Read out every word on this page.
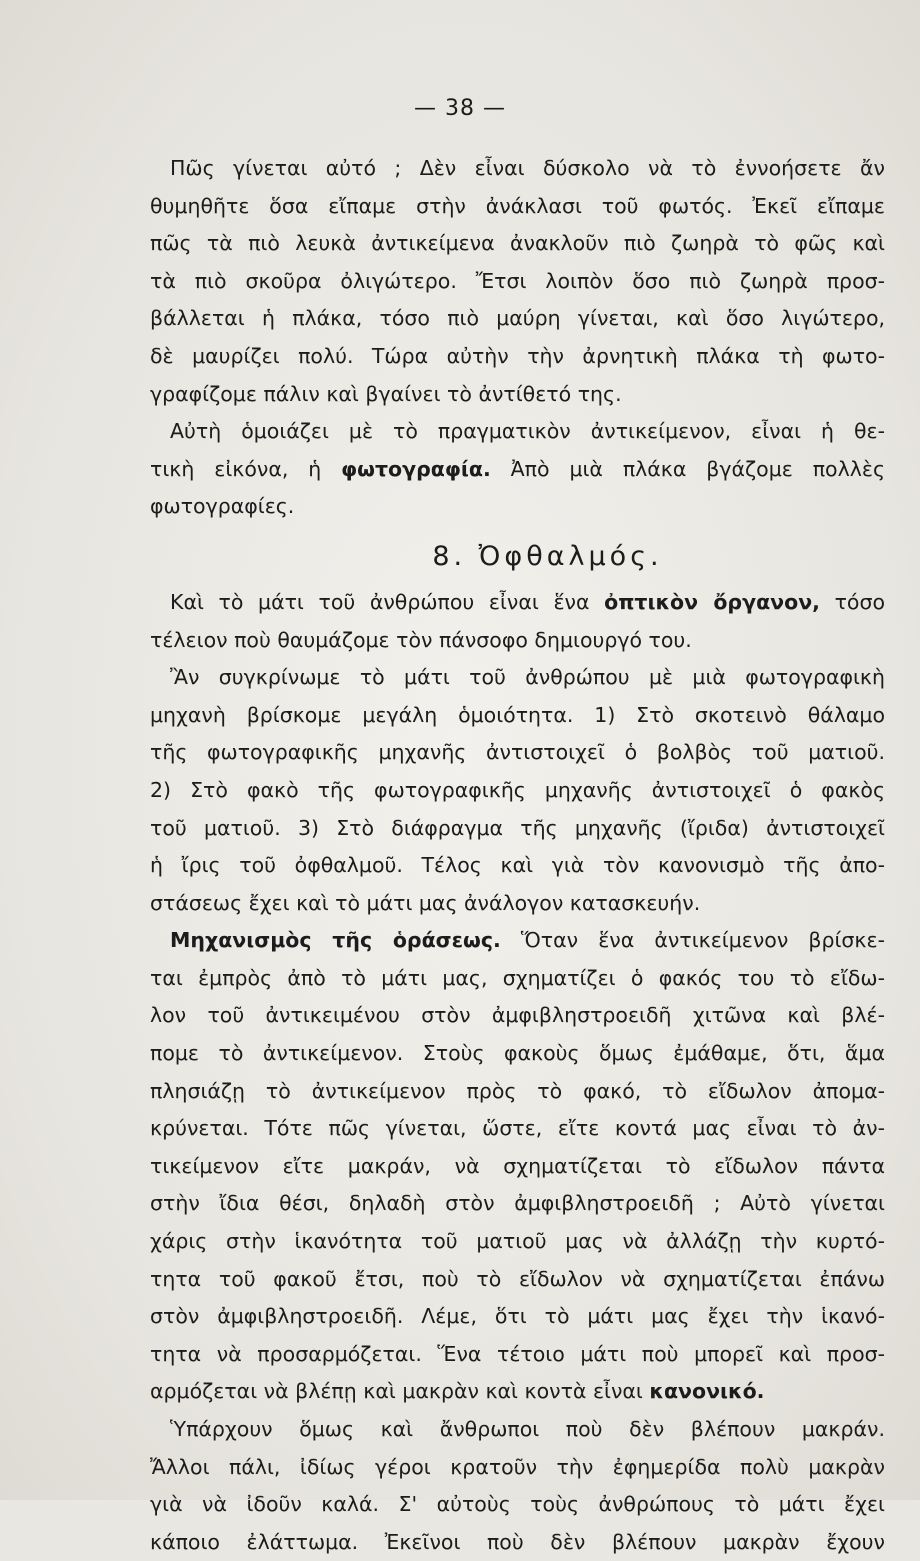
— 38 —
Πῶς γίνεται αὐτό ; Δὲν εἶναι δύσκολο νὰ τὸ ἐννοήσετε ἄν
θυμηθῆτε ὅσα εἴπαμε στὴν ἀνάκλασι τοῦ φωτός. Ἐκεῖ εἴπαμε
πῶς τὰ πιὸ λευκὰ ἀντικείμενα ἀνακλοῦν πιὸ ζωηρὰ τὸ φῶς καὶ
τὰ πιὸ σκοῦρα ὀλιγώτερο. Ἔτσι λοιπὸν ὅσο πιὸ ζωηρὰ προσ-
βάλλεται ἡ πλάκα, τόσο πιὸ μαύρη γίνεται, καὶ ὅσο λιγώτερο,
δὲ μαυρίζει πολύ. Τώρα αὐτὴν τὴν ἀρνητικὴ πλάκα τὴ φωτο-
γραφίζομε πάλιν καὶ βγαίνει τὸ ἀντίθετό της.
Αὐτὴ ὁμοιάζει μὲ τὸ πραγματικὸν ἀντικείμενον, εἶναι ἡ θε-
τικὴ εἰκόνα, ἡ φωτογραφία. Ἀπὸ μιὰ πλάκα βγάζομε πολλὲς
φωτογραφίες.
8. Ὀφθαλμός.
Καὶ τὸ μάτι τοῦ ἀνθρώπου εἶναι ἕνα ὀπτικὸν ὄργανον, τόσο
τέλειον ποὺ θαυμάζομε τὸν πάνσοφο δημιουργό του.
Ἂν συγκρίνωμε τὸ μάτι τοῦ ἀνθρώπου μὲ μιὰ φωτογραφικὴ
μηχανὴ βρίσκομε μεγάλη ὁμοιότητα. 1) Στὸ σκοτεινὸ θάλαμο
τῆς φωτογραφικῆς μηχανῆς ἀντιστοιχεῖ ὁ βολβὸς τοῦ ματιοῦ.
2) Στὸ φακὸ τῆς φωτογραφικῆς μηχανῆς ἀντιστοιχεῖ ὁ φακὸς
τοῦ ματιοῦ. 3) Στὸ διάφραγμα τῆς μηχανῆς (ἴριδα) ἀντιστοιχεῖ
ἡ ἴρις τοῦ ὀφθαλμοῦ. Τέλος καὶ γιὰ τὸν κανονισμὸ τῆς ἀπο-
στάσεως ἔχει καὶ τὸ μάτι μας ἀνάλογον κατασκευήν.
Μηχανισμὸς τῆς ὁράσεως. Ὅταν ἕνα ἀντικείμενον βρίσκε-
ται ἐμπρὸς ἀπὸ τὸ μάτι μας, σχηματίζει ὁ φακός του τὸ εἴδω-
λον τοῦ ἀντικειμένου στὸν ἀμφιβληστροειδῆ χιτῶνα καὶ βλέ-
πομε τὸ ἀντικείμενον. Στοὺς φακοὺς ὅμως ἐμάθαμε, ὅτι, ἅμα
πλησιάζῃ τὸ ἀντικείμενον πρὸς τὸ φακό, τὸ εἴδωλον ἀπομα-
κρύνεται. Τότε πῶς γίνεται, ὥστε, εἴτε κοντά μας εἶναι τὸ ἀν-
τικείμενον εἴτε μακράν, νὰ σχηματίζεται τὸ εἴδωλον πάντα
στὴν ἴδια θέσι, δηλαδὴ στὸν ἀμφιβληστροειδῆ ; Αὐτὸ γίνεται
χάρις στὴν ἱκανότητα τοῦ ματιοῦ μας νὰ ἀλλάζῃ τὴν κυρτό-
τητα τοῦ φακοῦ ἔτσι, ποὺ τὸ εἴδωλον νὰ σχηματίζεται ἐπάνω
στὸν ἀμφιβληστροειδῆ. Λέμε, ὅτι τὸ μάτι μας ἔχει τὴν ἱκανό-
τητα νὰ προσαρμόζεται. Ἕνα τέτοιο μάτι ποὺ μπορεῖ καὶ προσ-
αρμόζεται νὰ βλέπῃ καὶ μακρὰν καὶ κοντὰ εἶναι κανονικό.
Ὑπάρχουν ὅμως καὶ ἄνθρωποι ποὺ δὲν βλέπουν μακράν.
Ἄλλοι πάλι, ἰδίως γέροι κρατοῦν τὴν ἐφημερίδα πολὺ μακρὰν
γιὰ νὰ ἰδοῦν καλά. Σ' αὐτοὺς τοὺς ἀνθρώπους τὸ μάτι ἔχει
κάποιο ἐλάττωμα. Ἐκεῖνοι ποὺ δὲν βλέπουν μακρὰν ἔχουν
